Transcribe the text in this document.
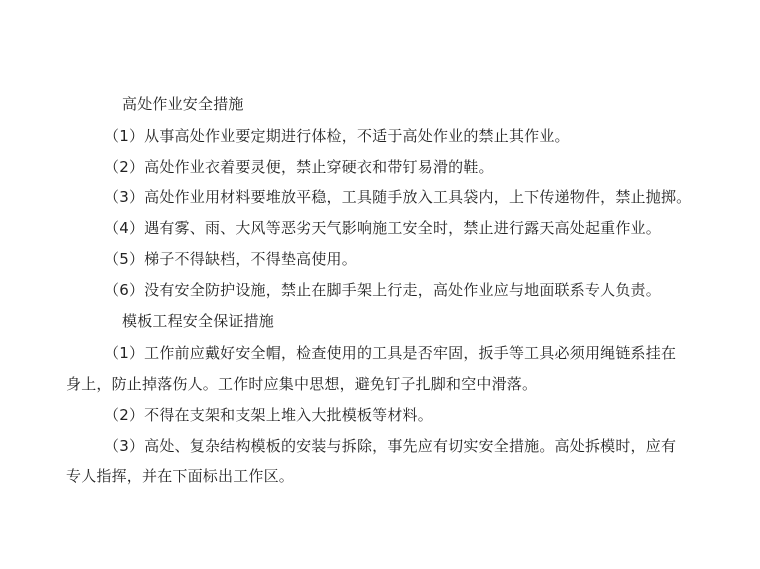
高处作业安全措施
（1）从事高处作业要定期进行体检，不适于高处作业的禁止其作业。
（2）高处作业衣着要灵便，禁止穿硬衣和带钉易滑的鞋。
（3）高处作业用材料要堆放平稳，工具随手放入工具袋内，上下传递物件，禁止抛掷。
（4）遇有雾、雨、大风等恶劣天气影响施工安全时，禁止进行露天高处起重作业。
（5）梯子不得缺档，不得垫高使用。
（6）没有安全防护设施，禁止在脚手架上行走，高处作业应与地面联系专人负责。
模板工程安全保证措施
（1）工作前应戴好安全帽，检查使用的工具是否牢固，扳手等工具必须用绳链系挂在
身上，防止掉落伤人。工作时应集中思想，避免钉子扎脚和空中滑落。
（2）不得在支架和支架上堆入大批模板等材料。
（3）高处、复杂结构模板的安装与拆除，事先应有切实安全措施。高处拆模时，应有
专人指挥，并在下面标出工作区。
